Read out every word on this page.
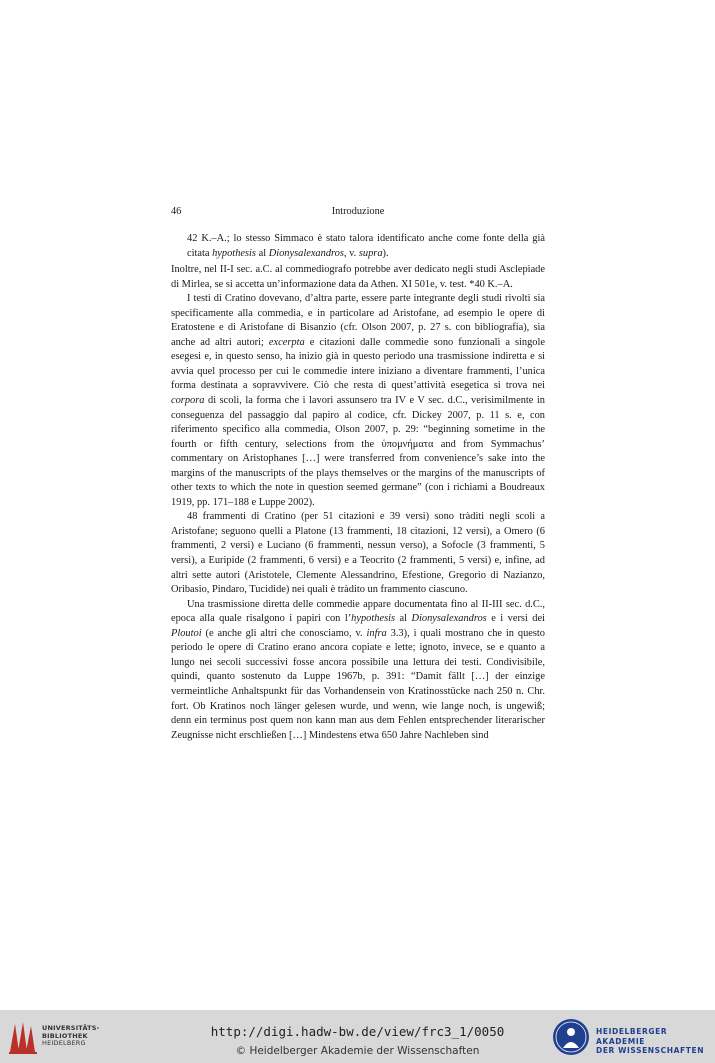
46	Introduzione

42 K.–A.; lo stesso Simmaco è stato talora identificato anche come fonte della già citata hypothesis al Dionysalexandros, v. supra).

Inoltre, nel II-I sec. a.C. al commediografo potrebbe aver dedicato negli studi Asclepiade di Mirlea, se si accetta un’informazione data da Athen. XI 501e, v. test. *40 K.–A.

I testi di Cratino dovevano, d’altra parte, essere parte integrante degli studi rivolti sia specificamente alla commedia, e in particolare ad Aristofane, ad esempio le opere di Eratostene e di Aristofane di Bisanzio (cfr. Olson 2007, p. 27 s. con bibliografia), sia anche ad altri autori; excerpta e citazioni dalle commedie sono funzionali a singole esegesi e, in questo senso, ha inizio già in questo periodo una trasmissione indiretta e si avvia quel processo per cui le commedie intere iniziano a diventare frammenti, l’unica forma destinata a sopravvivere. Ciò che resta di quest’attività esegetica si trova nei corpora di scoli, la forma che i lavori assunsero tra IV e V sec. d.C., verisimilmente in conseguenza del passaggio dal papiro al codice, cfr. Dickey 2007, p. 11 s. e, con riferimento specifico alla commedia, Olson 2007, p. 29: “beginning sometime in the fourth or fifth century, selections from the ὑπομνήματα and from Symmachus’ commentary on Aristophanes […] were transferred from convenience’s sake into the margins of the manuscripts of the plays themselves or the margins of the manuscripts of other texts to which the note in question seemed germane” (con i richiami a Boudreaux 1919, pp. 171–188 e Luppe 2002).

48 frammenti di Cratino (per 51 citazioni e 39 versi) sono tràditi negli scoli a Aristofane; seguono quelli a Platone (13 frammenti, 18 citazioni, 12 versi), a Omero (6 frammenti, 2 versi) e Luciano (6 frammenti, nessun verso), a Sofocle (3 frammenti, 5 versi), a Euripide (2 frammenti, 6 versi) e a Teocrito (2 frammenti, 5 versi) e, infine, ad altri sette autori (Aristotele, Clemente Alessandrino, Efestione, Gregorio di Nazianzo, Oribasio, Pindaro, Tucidide) nei quali è tràdito un frammento ciascuno.

Una trasmissione diretta delle commedie appare documentata fino al II-III sec. d.C., epoca alla quale risalgono i papiri con l’hypothesis al Dionysalexandros e i versi dei Ploutoi (e anche gli altri che conosciamo, v. infra 3.3), i quali mostrano che in questo periodo le opere di Cratino erano ancora copiate e lette; ignoto, invece, se e quanto a lungo nei secoli successivi fosse ancora possibile una lettura dei testi. Condivisibile, quindi, quanto sostenuto da Luppe 1967b, p. 391: “Damit fällt […] der einzige vermeintliche Anhaltspunkt für das Vorhandensein von Kratinosstücke nach 250 n. Chr. fort. Ob Kratinos noch länger gelesen wurde, und wenn, wie lange noch, is ungewiß; denn ein terminus post quem non kann man aus dem Fehlen entsprechender literarischer Zeugnisse nicht erschließen […] Mindestens etwa 650 Jahre Nachleben sind

UNIVERSITÄTS-
BIBLIOTHEK
HEIDELBERG
http://digi.hadw-bw.de/view/frc3_1/0050
© Heidelberger Akademie der Wissenschaften
HEIDELBERGER AKADEMIE
DER WISSENSCHAFTEN
